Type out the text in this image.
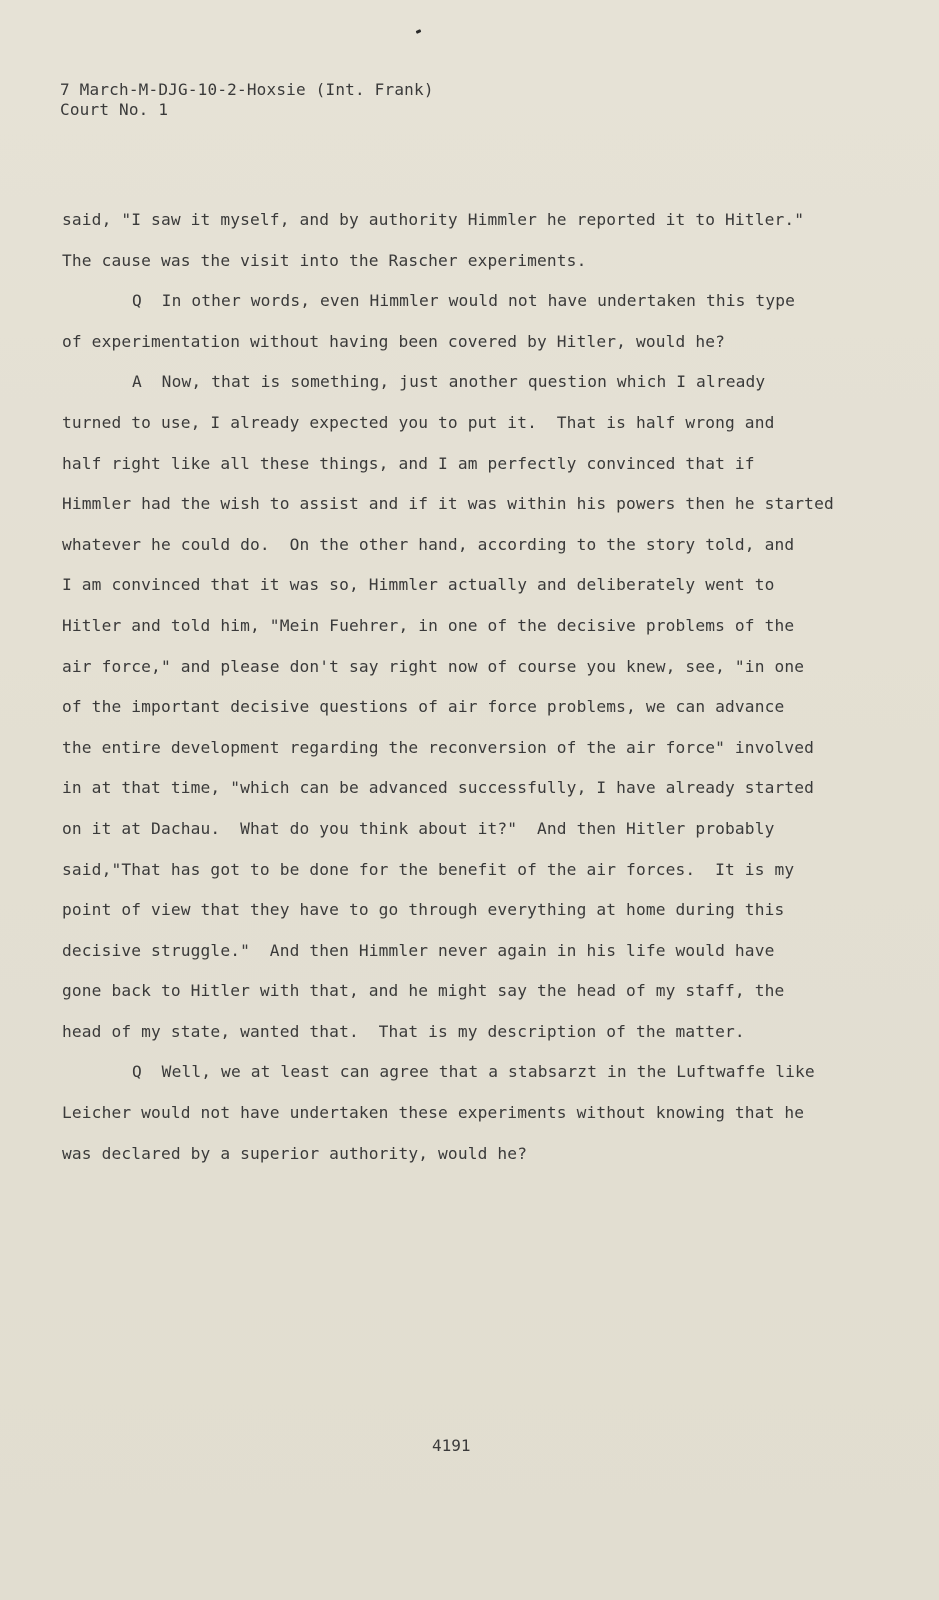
7 March-M-DJG-10-2-Hoxsie (Int. Frank)
Court No. 1
said, "I saw it myself, and by authority Himmler he reported it to Hitler."
The cause was the visit into the Rascher experiments.
Q  In other words, even Himmler would not have undertaken this type
of experimentation without having been covered by Hitler, would he?
A  Now, that is something, just another question which I already
turned to use, I already expected you to put it.  That is half wrong and
half right like all these things, and I am perfectly convinced that if
Himmler had the wish to assist and if it was within his powers then he started
whatever he could do.  On the other hand, according to the story told, and
I am convinced that it was so, Himmler actually and deliberately went to
Hitler and told him, "Mein Fuehrer, in one of the decisive problems of the
air force," and please don't say right now of course you knew, see, "in one
of the important decisive questions of air force problems, we can advance
the entire development regarding the reconversion of the air force" involved
in at that time, "which can be advanced successfully, I have already started
on it at Dachau.  What do you think about it?"  And then Hitler probably
said,"That has got to be done for the benefit of the air forces.  It is my
point of view that they have to go through everything at home during this
decisive struggle."  And then Himmler never again in his life would have
gone back to Hitler with that, and he might say the head of my staff, the
head of my state, wanted that.  That is my description of the matter.
Q  Well, we at least can agree that a stabsarzt in the Luftwaffe like
Leicher would not have undertaken these experiments without knowing that he
was declared by a superior authority, would he?
4191
